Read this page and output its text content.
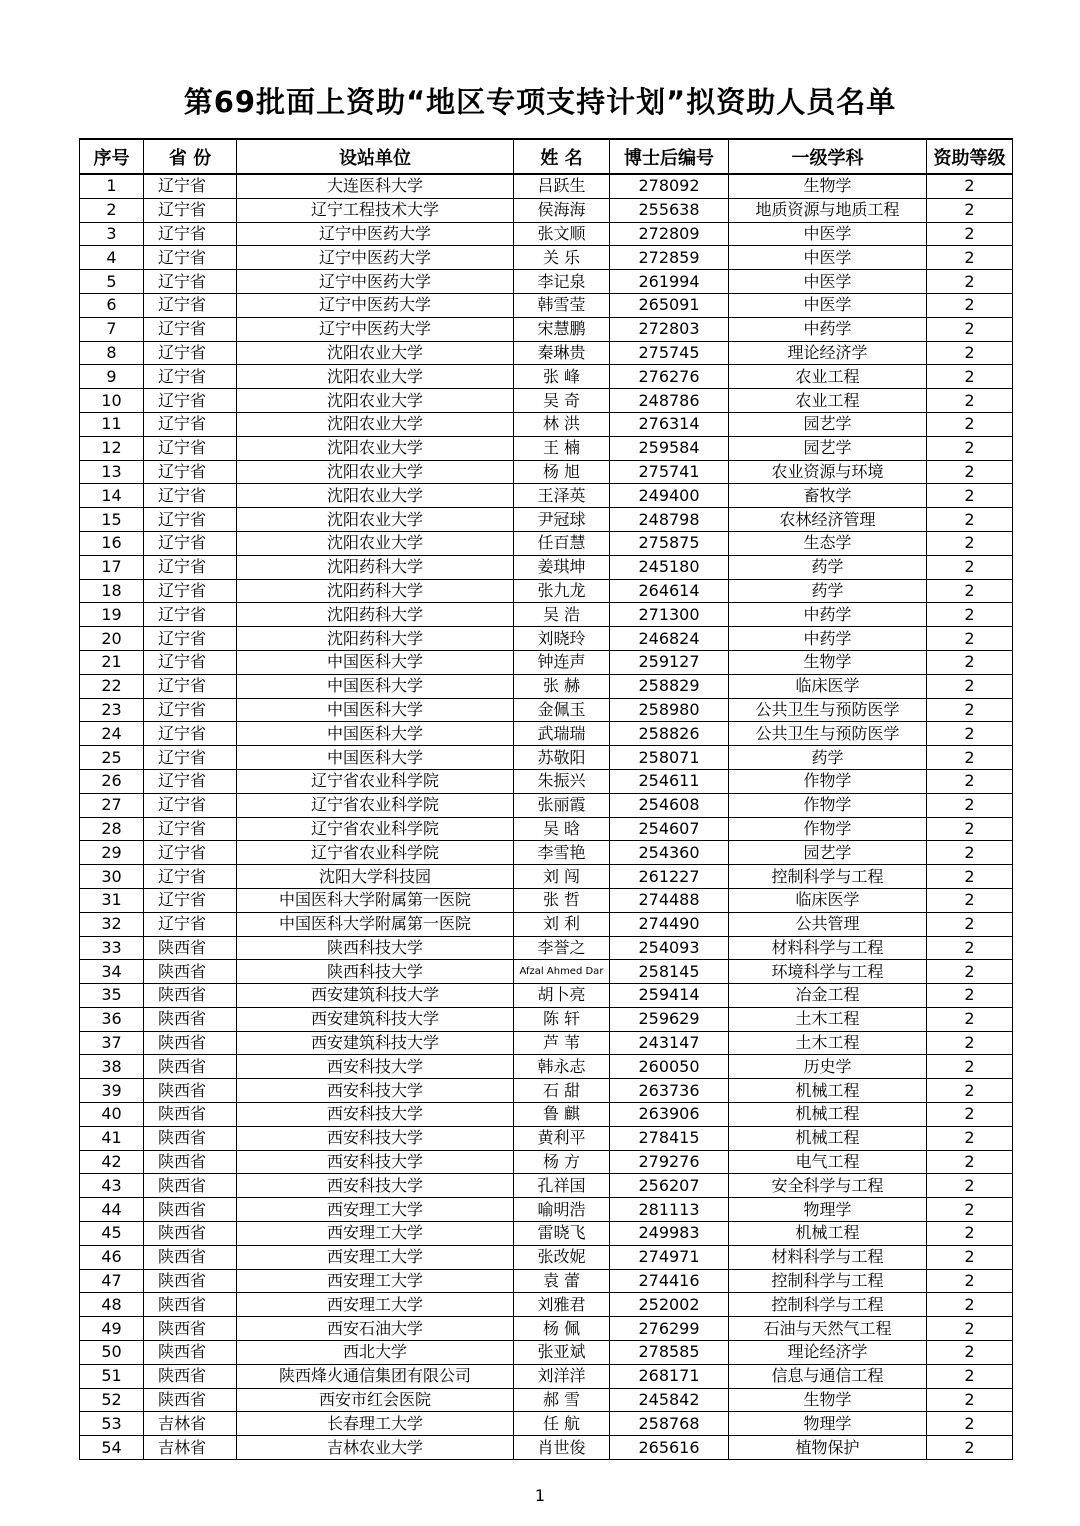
第69批面上资助“地区专项支持计划”拟资助人员名单
序号	省 份	设站单位	姓 名	博士后编号	一级学科	资助等级
1	辽宁省	大连医科大学	吕跃生	278092	生物学	2
2	辽宁省	辽宁工程技术大学	侯海海	255638	地质资源与地质工程	2
3	辽宁省	辽宁中医药大学	张文顺	272809	中医学	2
4	辽宁省	辽宁中医药大学	关 乐	272859	中医学	2
5	辽宁省	辽宁中医药大学	李记泉	261994	中医学	2
6	辽宁省	辽宁中医药大学	韩雪莹	265091	中医学	2
7	辽宁省	辽宁中医药大学	宋慧鹏	272803	中药学	2
8	辽宁省	沈阳农业大学	秦琳贵	275745	理论经济学	2
9	辽宁省	沈阳农业大学	张 峰	276276	农业工程	2
10	辽宁省	沈阳农业大学	吴 奇	248786	农业工程	2
11	辽宁省	沈阳农业大学	林 洪	276314	园艺学	2
12	辽宁省	沈阳农业大学	王 楠	259584	园艺学	2
13	辽宁省	沈阳农业大学	杨 旭	275741	农业资源与环境	2
14	辽宁省	沈阳农业大学	王泽英	249400	畜牧学	2
15	辽宁省	沈阳农业大学	尹冠球	248798	农林经济管理	2
16	辽宁省	沈阳农业大学	任百慧	275875	生态学	2
17	辽宁省	沈阳药科大学	姜琪坤	245180	药学	2
18	辽宁省	沈阳药科大学	张九龙	264614	药学	2
19	辽宁省	沈阳药科大学	吴 浩	271300	中药学	2
20	辽宁省	沈阳药科大学	刘晓玲	246824	中药学	2
21	辽宁省	中国医科大学	钟连声	259127	生物学	2
22	辽宁省	中国医科大学	张 赫	258829	临床医学	2
23	辽宁省	中国医科大学	金佩玉	258980	公共卫生与预防医学	2
24	辽宁省	中国医科大学	武瑞瑞	258826	公共卫生与预防医学	2
25	辽宁省	中国医科大学	苏敬阳	258071	药学	2
26	辽宁省	辽宁省农业科学院	朱振兴	254611	作物学	2
27	辽宁省	辽宁省农业科学院	张丽霞	254608	作物学	2
28	辽宁省	辽宁省农业科学院	吴 晗	254607	作物学	2
29	辽宁省	辽宁省农业科学院	李雪艳	254360	园艺学	2
30	辽宁省	沈阳大学科技园	刘 闯	261227	控制科学与工程	2
31	辽宁省	中国医科大学附属第一医院	张 哲	274488	临床医学	2
32	辽宁省	中国医科大学附属第一医院	刘 利	274490	公共管理	2
33	陕西省	陕西科技大学	李誉之	254093	材料科学与工程	2
34	陕西省	陕西科技大学	Afzal Ahmed Dar	258145	环境科学与工程	2
35	陕西省	西安建筑科技大学	胡卜亮	259414	冶金工程	2
36	陕西省	西安建筑科技大学	陈 轩	259629	土木工程	2
37	陕西省	西安建筑科技大学	芦 苇	243147	土木工程	2
38	陕西省	西安科技大学	韩永志	260050	历史学	2
39	陕西省	西安科技大学	石 甜	263736	机械工程	2
40	陕西省	西安科技大学	鲁 麒	263906	机械工程	2
41	陕西省	西安科技大学	黄利平	278415	机械工程	2
42	陕西省	西安科技大学	杨 方	279276	电气工程	2
43	陕西省	西安科技大学	孔祥国	256207	安全科学与工程	2
44	陕西省	西安理工大学	喻明浩	281113	物理学	2
45	陕西省	西安理工大学	雷晓飞	249983	机械工程	2
46	陕西省	西安理工大学	张改妮	274971	材料科学与工程	2
47	陕西省	西安理工大学	袁 蕾	274416	控制科学与工程	2
48	陕西省	西安理工大学	刘雅君	252002	控制科学与工程	2
49	陕西省	西安石油大学	杨 佩	276299	石油与天然气工程	2
50	陕西省	西北大学	张亚斌	278585	理论经济学	2
51	陕西省	陕西烽火通信集团有限公司	刘洋洋	268171	信息与通信工程	2
52	陕西省	西安市红会医院	郝 雪	245842	生物学	2
53	吉林省	长春理工大学	任 航	258768	物理学	2
54	吉林省	吉林农业大学	肖世俊	265616	植物保护	2
1
